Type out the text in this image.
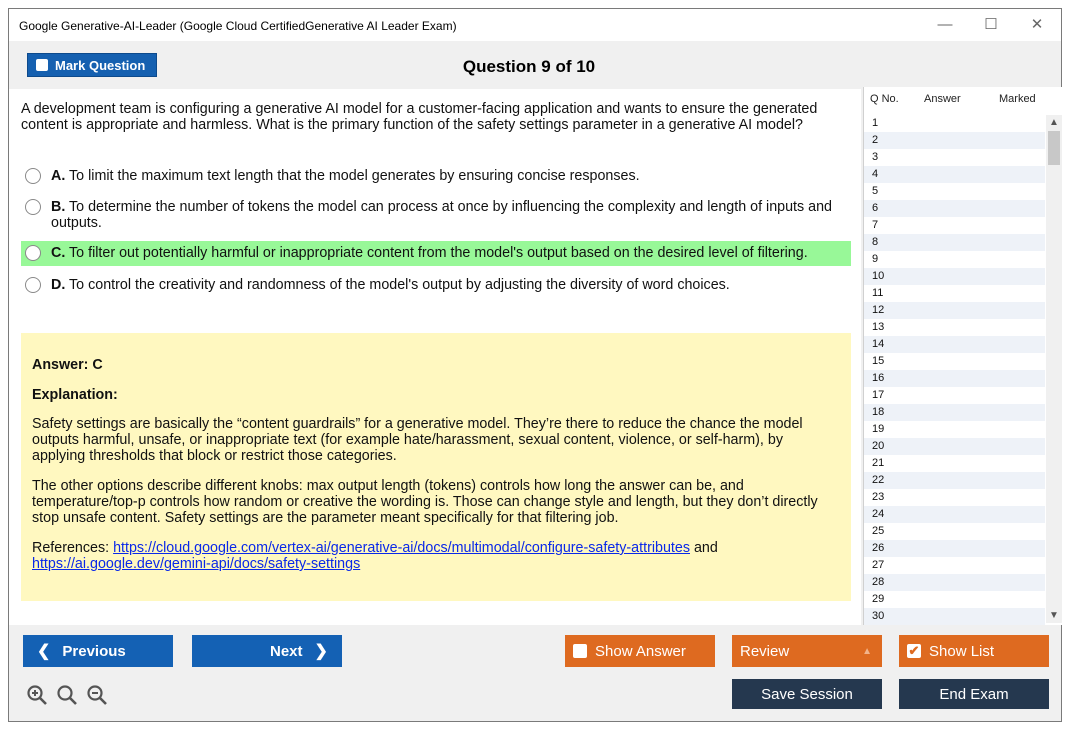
Google Generative-AI-Leader (Google Cloud CertifiedGenerative AI Leader Exam)	—	☐	✕
Mark Question	Question 9 of 10
A development team is configuring a generative AI model for a customer-facing application and wants to ensure the generated content is appropriate and harmless. What is the primary function of the safety settings parameter in a generative AI model?
A. To limit the maximum text length that the model generates by ensuring concise responses.
B. To determine the number of tokens the model can process at once by influencing the complexity and length of inputs and outputs.
C. To filter out potentially harmful or inappropriate content from the model's output based on the desired level of filtering.
D. To control the creativity and randomness of the model's output by adjusting the diversity of word choices.

Answer: C

Explanation:

Safety settings are basically the “content guardrails” for a generative model. They’re there to reduce the chance the model outputs harmful, unsafe, or inappropriate text (for example hate/harassment, sexual content, violence, or self-harm), by applying thresholds that block or restrict those categories.

The other options describe different knobs: max output length (tokens) controls how long the answer can be, and temperature/top-p controls how random or creative the wording is. Those can change style and length, but they don’t directly stop unsafe content. Safety settings are the parameter meant specifically for that filtering job.

References: https://cloud.google.com/vertex-ai/generative-ai/docs/multimodal/configure-safety-attributes and
https://ai.google.dev/gemini-api/docs/safety-settings

Q No. Answer	Marked
1
2
3
4
5
6
7
8
9
10
11
12
13
14
15
16
17
18
19
20
21
22
23
24
25
26
27
28
29
30
▲
▼
❮ Previous	Next ❯	Show Answer	Review	▲	✔ Show List
Save Session	End Exam
